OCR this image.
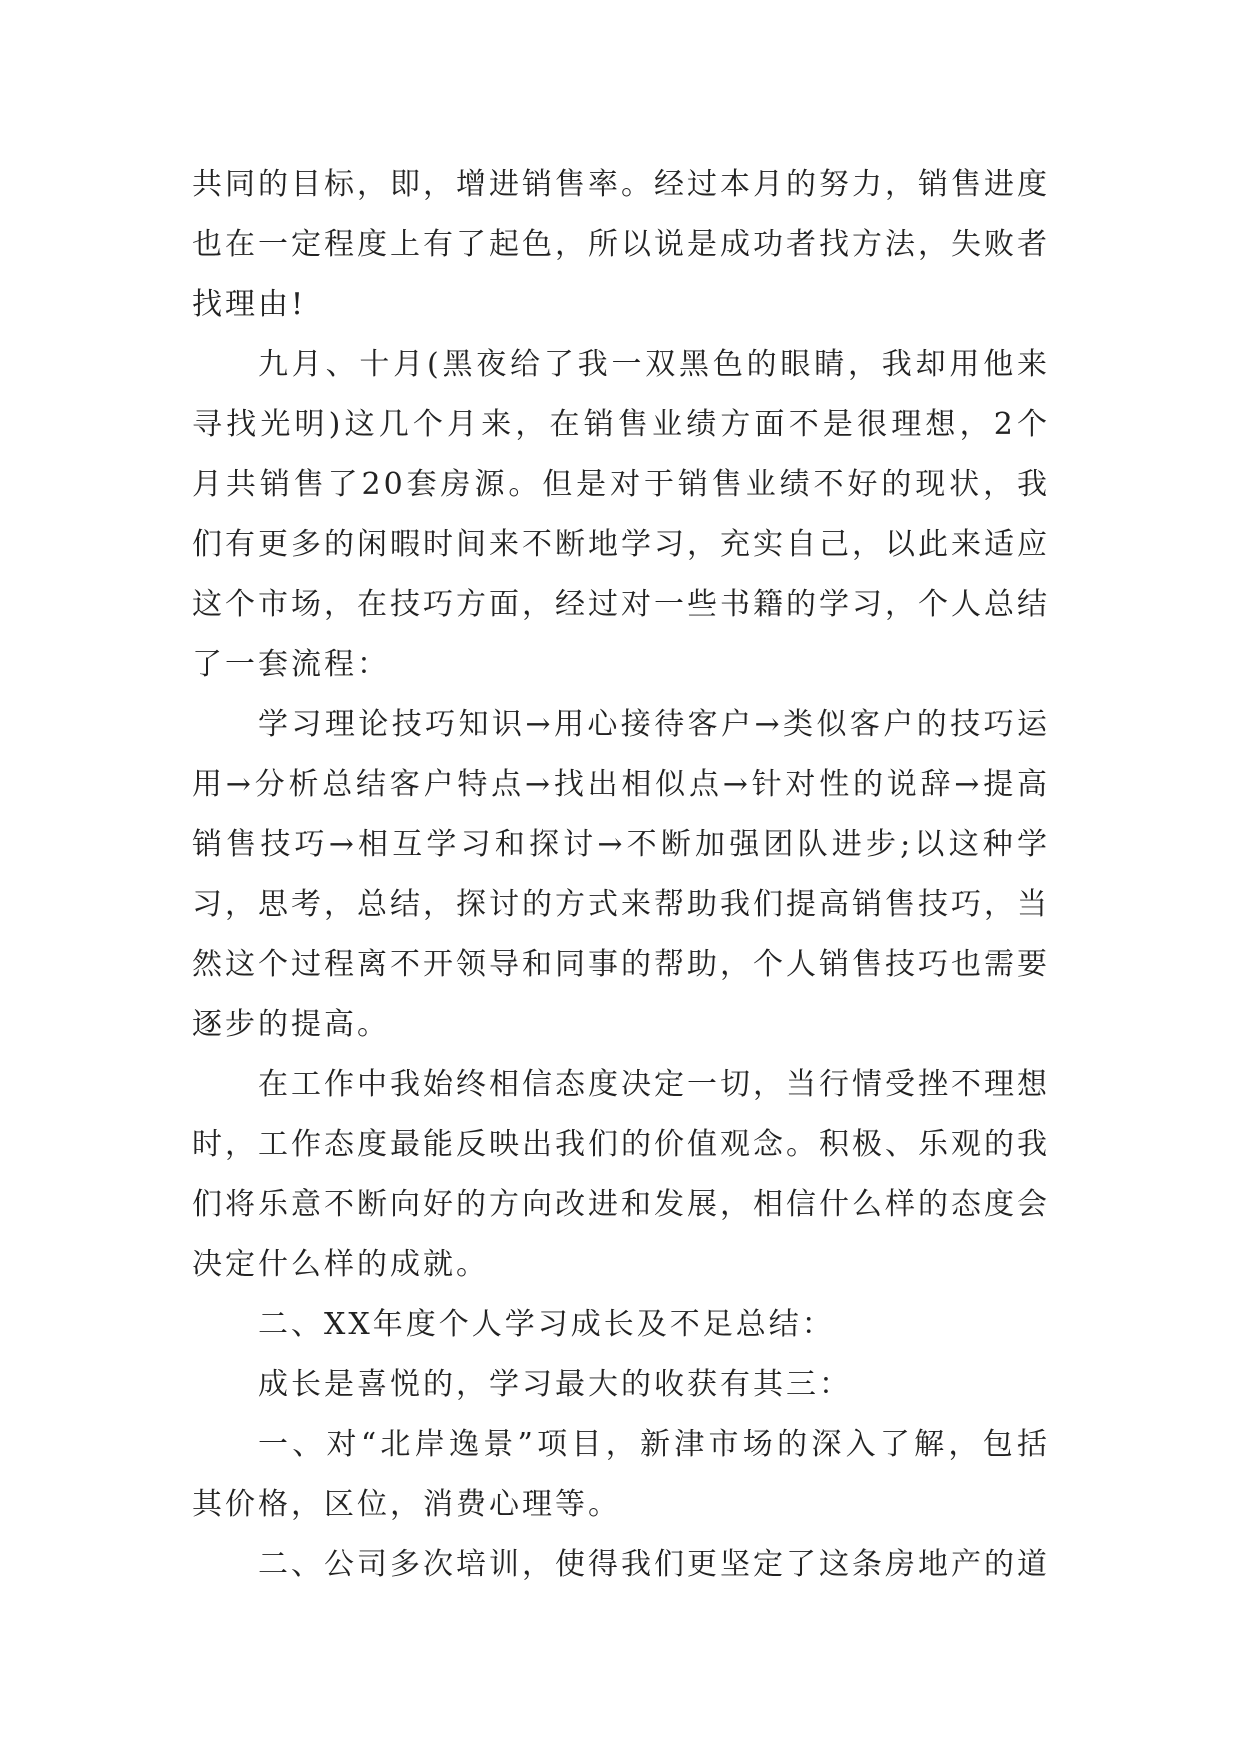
共同的目标，即，增进销售率。经过本月的努力，销售进度也在一定程度上有了起色，所以说是成功者找方法，失败者找理由!

九月、十月(黑夜给了我一双黑色的眼睛，我却用他来寻找光明)这几个月来，在销售业绩方面不是很理想，2个月共销售了20套房源。但是对于销售业绩不好的现状，我们有更多的闲暇时间来不断地学习，充实自己，以此来适应这个市场，在技巧方面，经过对一些书籍的学习，个人总结了一套流程：

学习理论技巧知识→用心接待客户→类似客户的技巧运用→分析总结客户特点→找出相似点→针对性的说辞→提高销售技巧→相互学习和探讨→不断加强团队进步;以这种学习，思考，总结，探讨的方式来帮助我们提高销售技巧，当然这个过程离不开领导和同事的帮助，个人销售技巧也需要逐步的提高。

在工作中我始终相信态度决定一切，当行情受挫不理想时，工作态度最能反映出我们的价值观念。积极、乐观的我们将乐意不断向好的方向改进和发展，相信什么样的态度会决定什么样的成就。

二、XX年度个人学习成长及不足总结：

成长是喜悦的，学习最大的收获有其三：

一、对“北岸逸景”项目，新津市场的深入了解，包括其价格，区位，消费心理等。

二、公司多次培训，使得我们更坚定了这条房地产的道
